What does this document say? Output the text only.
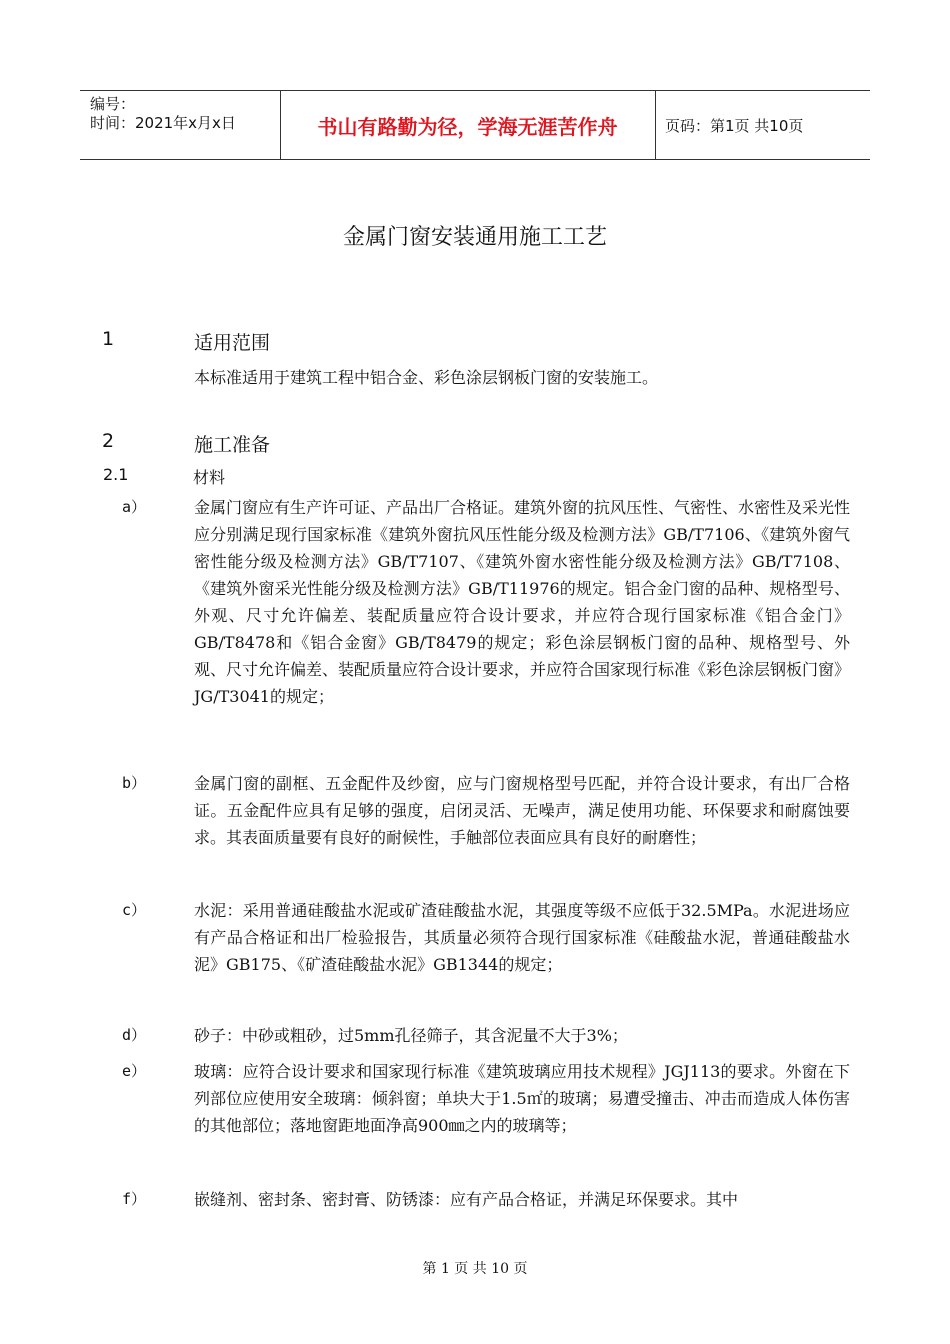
编号：
时间：2021年x月x日	书山有路勤为径，学海无涯苦作舟	页码：第1页 共10页
金属门窗安装通用施工工艺
1	适用范围
本标准适用于建筑工程中铝合金、彩色涂层钢板门窗的安装施工。
2	施工准备
2.1	材料
a）	金属门窗应有生产许可证、产品出厂合格证。建筑外窗的抗风压性、气密性、水密性及采光性应分别满足现行国家标准《建筑外窗抗风压性能分级及检测方法》GB/T7106、《建筑外窗气密性能分级及检测方法》GB/T7107、《建筑外窗水密性能分级及检测方法》GB/T7108、《建筑外窗采光性能分级及检测方法》GB/T11976的规定。铝合金门窗的品种、规格型号、外观、尺寸允许偏差、装配质量应符合设计要求，并应符合现行国家标准《铝合金门》GB/T8478和《铝合金窗》GB/T8479的规定；彩色涂层钢板门窗的品种、规格型号、外观、尺寸允许偏差、装配质量应符合设计要求，并应符合国家现行标准《彩色涂层钢板门窗》JG/T3041的规定；
b）	金属门窗的副框、五金配件及纱窗，应与门窗规格型号匹配，并符合设计要求，有出厂合格证。五金配件应具有足够的强度，启闭灵活、无噪声，满足使用功能、环保要求和耐腐蚀要求。其表面质量要有良好的耐候性，手触部位表面应具有良好的耐磨性；
c）	水泥：采用普通硅酸盐水泥或矿渣硅酸盐水泥，其强度等级不应低于32.5MPa。水泥进场应有产品合格证和出厂检验报告，其质量必须符合现行国家标准《硅酸盐水泥，普通硅酸盐水泥》GB175、《矿渣硅酸盐水泥》GB1344的规定；
d）	砂子：中砂或粗砂，过5mm孔径筛子，其含泥量不大于3%；
e）	玻璃：应符合设计要求和国家现行标准《建筑玻璃应用技术规程》JGJ113的要求。外窗在下列部位应使用安全玻璃：倾斜窗；单块大于1.5㎡的玻璃；易遭受撞击、冲击而造成人体伤害的其他部位；落地窗距地面净高900㎜之内的玻璃等；
f）	嵌缝剂、密封条、密封膏、防锈漆：应有产品合格证，并满足环保要求。其中
第 1 页 共 10 页
